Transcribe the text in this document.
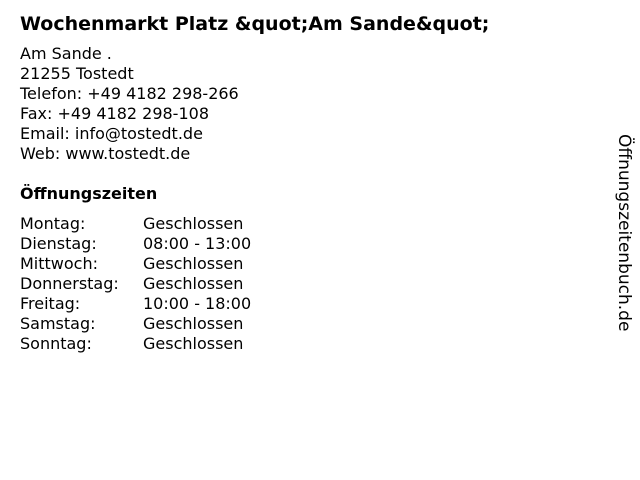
Wochenmarkt Platz &quot;Am Sande&quot;
Am Sande .
21255 Tostedt
Telefon: +49 4182 298-266
Fax: +49 4182 298-108
Email: info@tostedt.de
Web: www.tostedt.de
Öffnungszeiten
Montag:	Geschlossen
Dienstag:	08:00 - 13:00
Mittwoch:	Geschlossen
Donnerstag:	Geschlossen
Freitag:	10:00 - 18:00
Samstag:	Geschlossen
Sonntag:	Geschlossen
Öffnungszeitenbuch.de
